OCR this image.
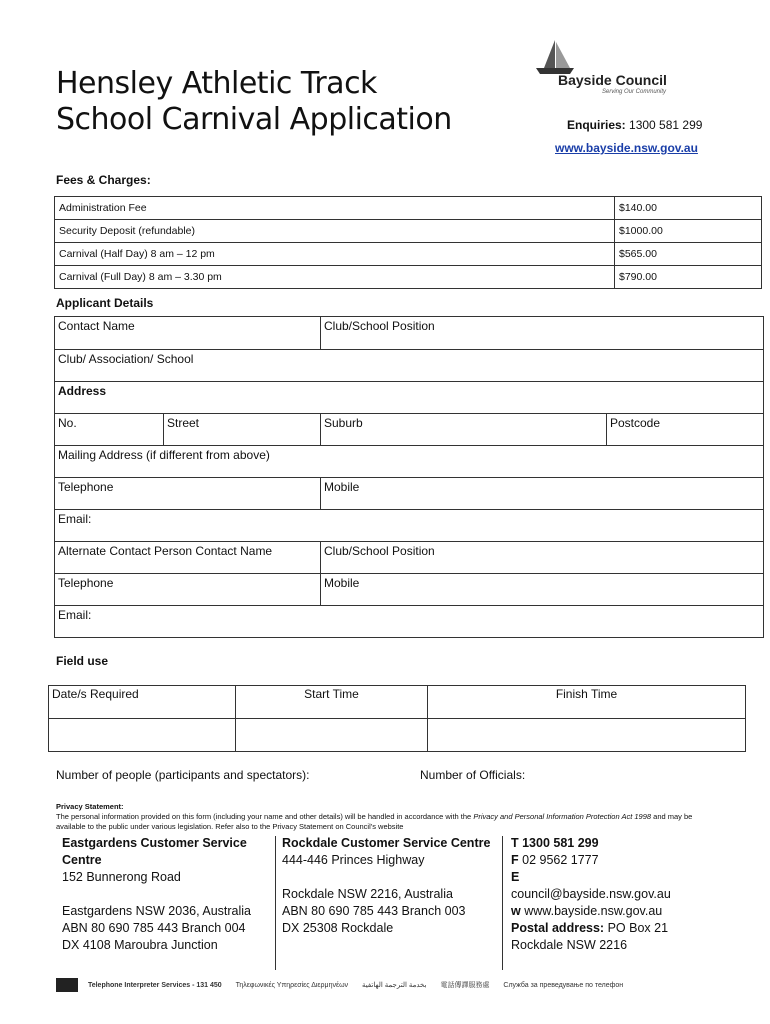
Hensley Athletic Track
School Carnival Application
Bayside Council
Serving Our Community
Enquiries: 1300 581 299
www.bayside.nsw.gov.au
Fees & Charges:
Administration Fee	$140.00
Security Deposit (refundable)	$1000.00
Carnival (Half Day) 8 am – 12 pm	$565.00
Carnival (Full Day) 8 am – 3.30 pm	$790.00
Applicant Details
Contact Name	Club/School Position
Club/ Association/ School
Address
No.	Street	Suburb	Postcode
Mailing Address (if different from above)
Telephone	Mobile
Email:
Alternate Contact Person Contact Name	Club/School Position
Telephone	Mobile
Email:
Field use
Date/s Required	Start Time	Finish Time

Number of people (participants and spectators):	Number of Officials:
Privacy Statement:
The personal information provided on this form (including your name and other details) will be handled in accordance with the Privacy and Personal Information Protection Act 1998 and may be available to the public under various legislation. Refer also to the Privacy Statement on Council's website
Eastgardens Customer Service Centre
152 Bunnerong Road
Eastgardens NSW 2036, Australia
ABN 80 690 785 443 Branch 004
DX 4108 Maroubra Junction
Rockdale Customer Service Centre
444-446 Princes Highway
Rockdale NSW 2216, Australia
ABN 80 690 785 443 Branch 003
DX 25308 Rockdale
T 1300 581 299
F 02 9562 1777
E
council@bayside.nsw.gov.au
w www.bayside.nsw.gov.au
Postal address: PO Box 21
Rockdale NSW 2216
Telephone Interpreter Services - 131 450 Τηλεφωνικές Υπηρεσίες Διερμηνέων بخدمة الترجمة الهاتفية 電話傳譯服務處 Служба за преведување по телефон
